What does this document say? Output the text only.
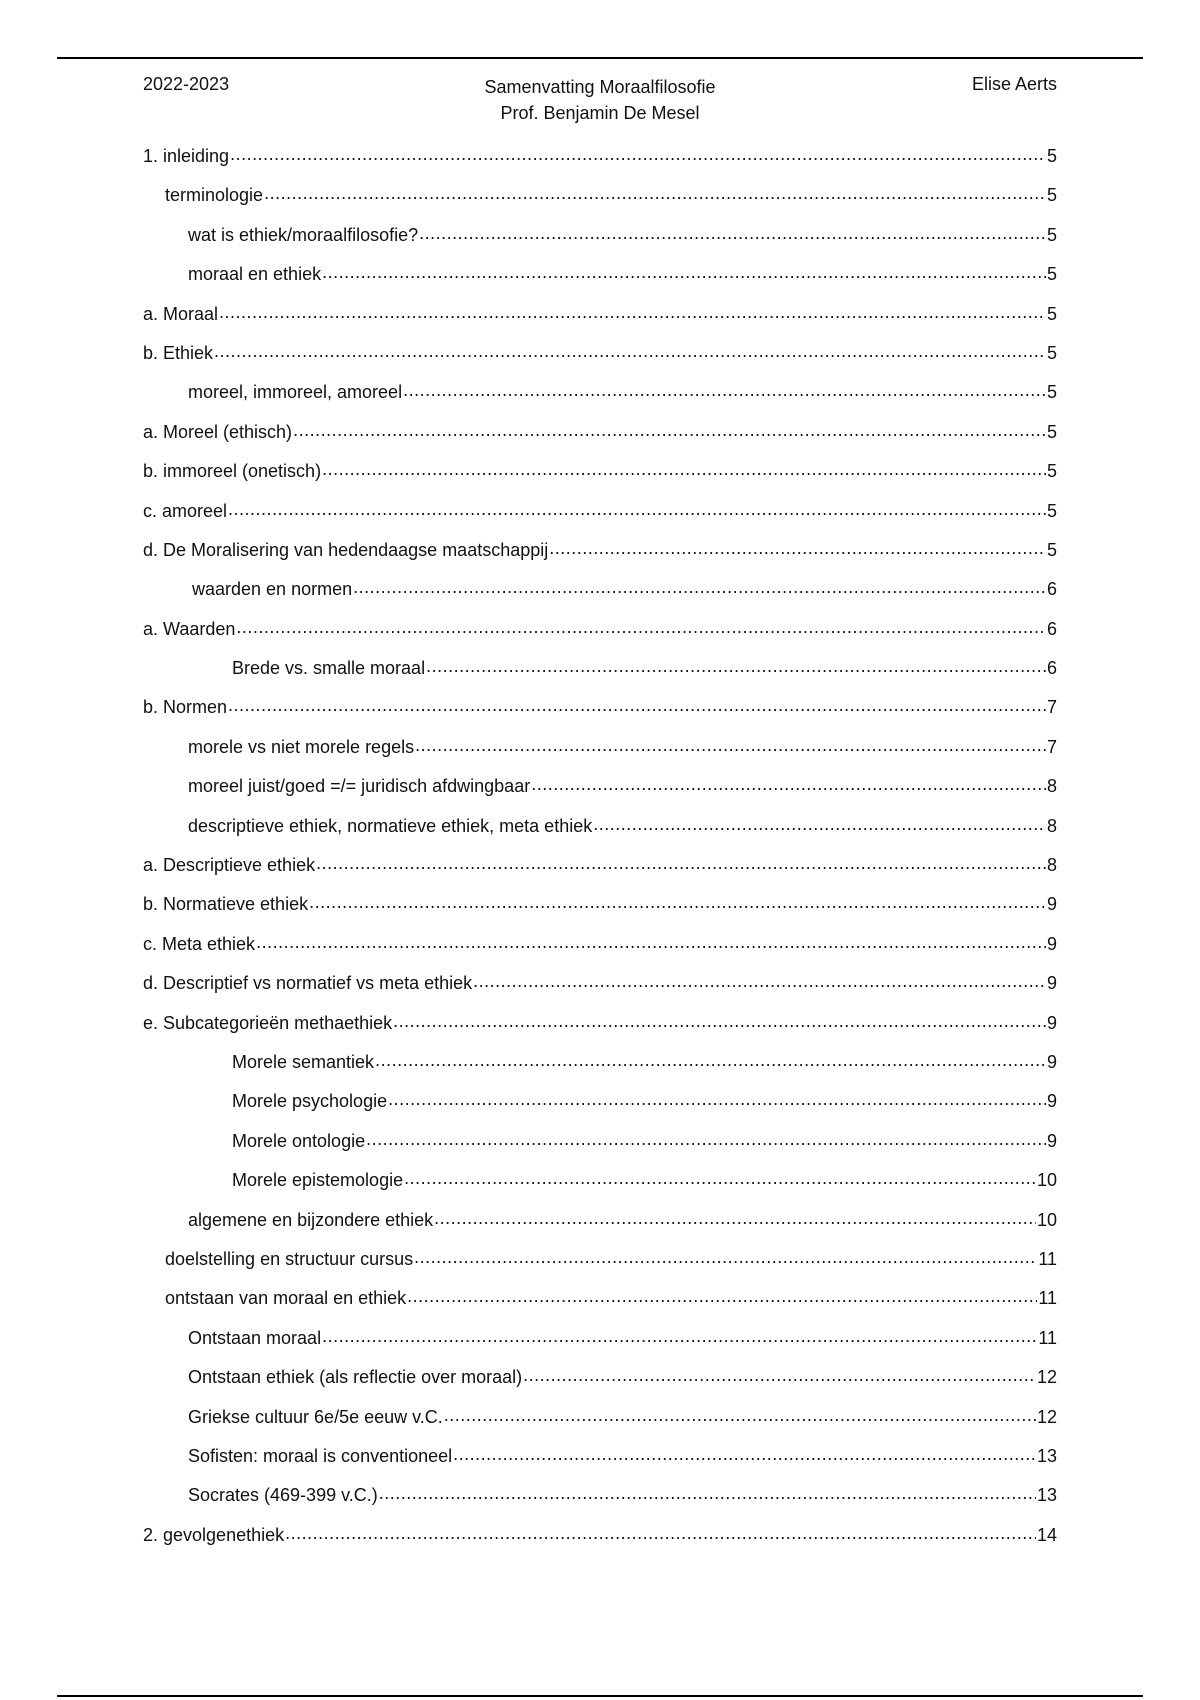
2022-2023	Samenvatting Moraalfilosofie
Prof. Benjamin De Mesel
Elise Aerts
1. inleiding .....	5
terminologie .....	5
wat is ethiek/moraalfilosofie? .....	5
moraal en ethiek .....	5
a. Moraal .....	5
b. Ethiek .....	5
moreel, immoreel, amoreel .....	5
a. Moreel (ethisch) .....	5
b. immoreel (onetisch) .....	5
c. amoreel .....	5
d. De Moralisering van hedendaagse maatschappij .....	5
waarden en normen .....	6
a. Waarden .....	6
Brede vs. smalle moraal .....	6
b. Normen .....	7
morele vs niet morele regels .....	7
moreel juist/goed =/= juridisch afdwingbaar .....	8
descriptieve ethiek, normatieve ethiek, meta ethiek .....	8
a. Descriptieve ethiek .....	8
b. Normatieve ethiek .....	9
c. Meta ethiek .....	9
d. Descriptief vs normatief vs meta ethiek .....	9
e. Subcategorieën methaethiek .....	9
Morele semantiek .....	9
Morele psychologie .....	9
Morele ontologie .....	9
Morele epistemologie .....	10
algemene en bijzondere ethiek .....	10
doelstelling en structuur cursus .....	11
ontstaan van moraal en ethiek .....	11
Ontstaan moraal .....	11
Ontstaan ethiek (als reflectie over moraal) .....	12
Griekse cultuur 6e/5e eeuw v.C. .....	12
Sofisten: moraal is conventioneel .....	13
Socrates (469-399 v.C.) .....	13
2. gevolgenethiek .....	14
